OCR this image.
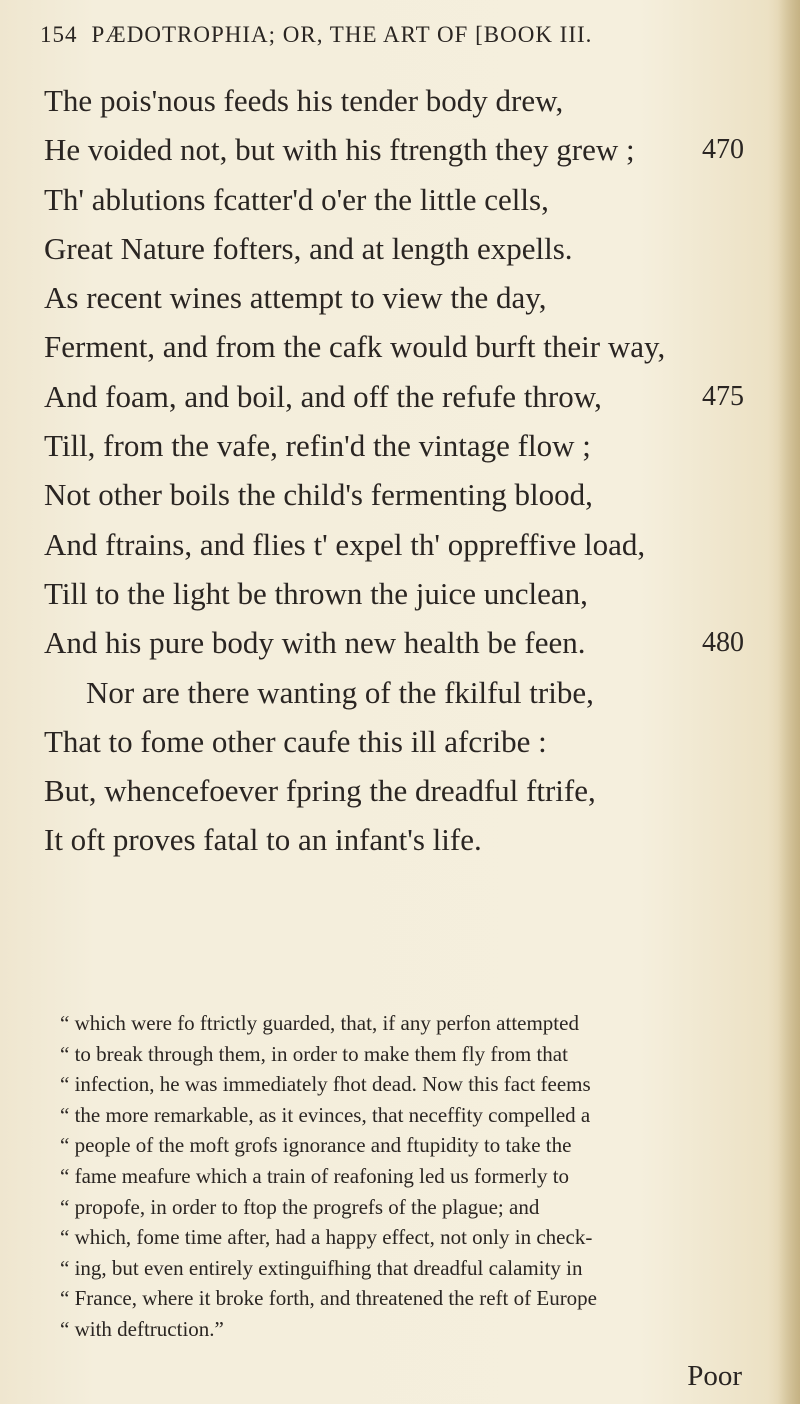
154 PÆDOTROPHIA; OR, THE ART OF [BOOK III.
The pois'nous feeds his tender body drew,
He voided not, but with his ftrength they grew ; 470
Th' ablutions fcatter'd o'er the little cells,
Great Nature fofters, and at length expells.
As recent wines attempt to view the day,
Ferment, and from the cafk would burft their way,
And foam, and boil, and off the refufe throw,	475
Till, from the vafe, refin'd the vintage flow ;
Not other boils the child's fermenting blood,
And ftrains, and flies t' expel th' oppreffive load,
Till to the light be thrown the juice unclean,
And his pure body with new health be feen.	480
Nor are there wanting of the fkilful tribe,
That to fome other caufe this ill afcribe :
But, whencefoever fpring the dreadful ftrife,
It oft proves fatal to an infant's life.
“ which were fo ftrictly guarded, that, if any perfon attempted
“ to break through them, in order to make them fly from that
“ infection, he was immediately fhot dead. Now this fact feems
“ the more remarkable, as it evinces, that neceffity compelled a
“ people of the moft grofs ignorance and ftupidity to take the
“ fame meafure which a train of reafoning led us formerly to
“ propofe, in order to ftop the progrefs of the plague; and
“ which, fome time after, had a happy effect, not only in check-
“ ing, but even entirely extinguifhing that dreadful calamity in
“ France, where it broke forth, and threatened the reft of Europe
“ with deftruction.”
Poor
